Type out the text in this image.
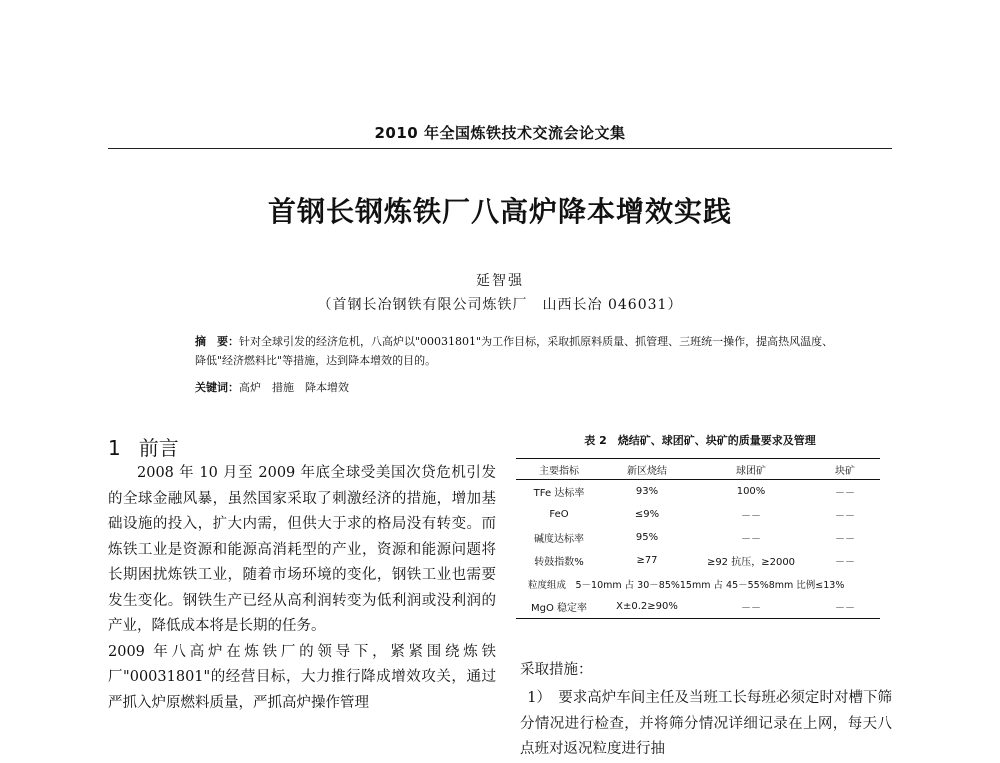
2010 年全国炼铁技术交流会论文集
首钢长钢炼铁厂八高炉降本增效实践
延智强
（首钢长冶钢铁有限公司炼铁厂　山西长冶 046031）
摘　要：针对全球引发的经济危机，八高炉以"00031801"为工作目标，采取抓原料质量、抓管理、三班统一操作，提高热风温度、降低"经济燃料比"等措施，达到降本增效的目的。
关键词：高炉　措施　降本增效
1 前言

2008 年 10 月至 2009 年底全球受美国次贷危机引发的全球金融风暴，虽然国家采取了刺激经济的措施，增加基础设施的投入，扩大内需，但供大于求的格局没有转变。而炼铁工业是资源和能源高消耗型的产业，资源和能源问题将长期困扰炼铁工业，随着市场环境的变化，钢铁工业也需要发生变化。钢铁生产已经从高利润转变为低利润或没利润的产业，降低成本将是长期的任务。

2009 年八高炉在炼铁厂的领导下，紧紧围绕炼铁厂"00031801"的经营目标，大力推行降成增效攻关，通过严抓入炉原燃料质量，严抓高炉操作管理

表 2　烧结矿、球团矿、块矿的质量要求及管理
主要指标	新区烧结	球团矿	块矿
TFe 达标率	93%	100%	－－
FeO	≤9%	－－	－－
碱度达标率	95%	－－	－－
转鼓指数%	≥77	≥92 抗压，≥2000	－－
粒度组成　5－10mm 占 30－85%15mm 占 45－55%8mm 比例≤13%			
MgO 稳定率	X±0.2≥90%	－－	－－
采取措施：

1）　要求高炉车间主任及当班工长每班必须定时对槽下筛分情况进行检查，并将筛分情况详细记录在上网，每天八点班对返况粒度进行抽
